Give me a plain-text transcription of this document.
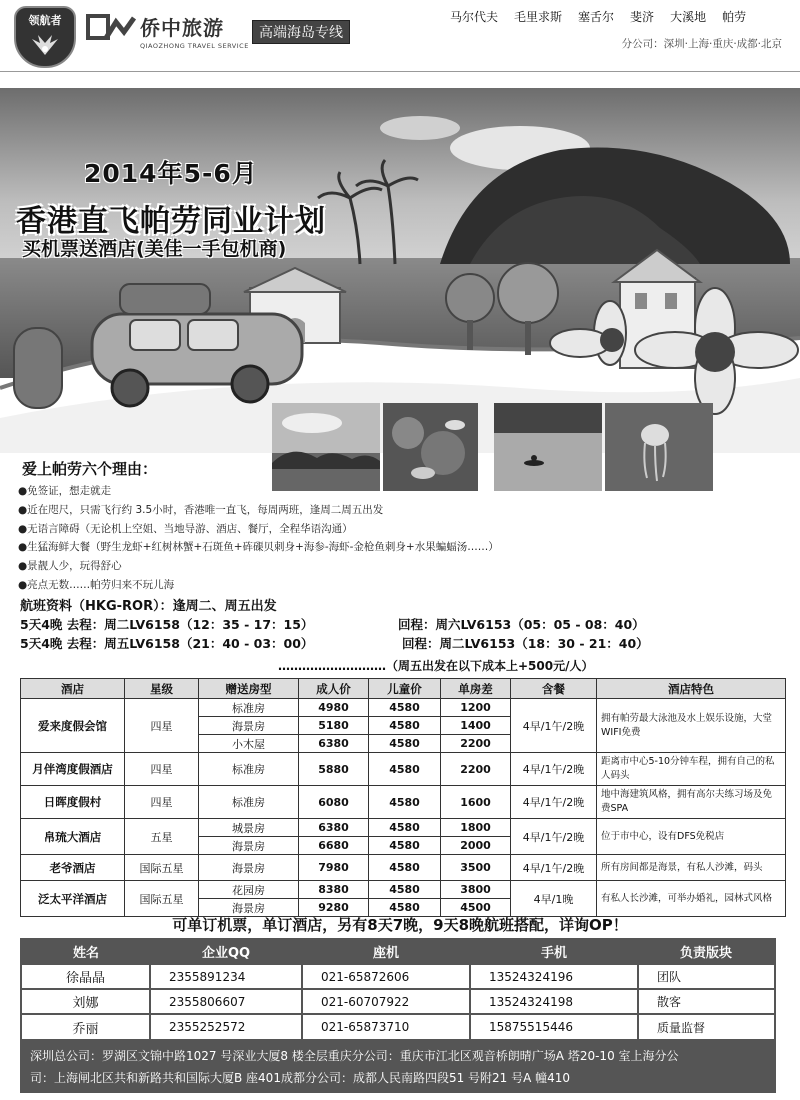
领航者	侨中旅游
QIAOZHONG TRAVEL SERVICE
高端海岛专线
马尔代夫 毛里求斯 塞舌尔 斐济 大溪地 帕劳
分公司：深圳·上海·重庆·成都·北京
2014年5-6月
香港直飞帕劳同业计划
买机票送酒店(美佳一手包机商)
爱上帕劳六个理由：
●免签证，想走就走
●近在咫尺，只需飞行约 3.5小时，香港唯一直飞，每周两班，逢周二周五出发
●无语言障碍（无论机上空姐、当地导游、酒店、餐厅，全程华语沟通）
●生猛海鲜大餐（野生龙虾+红树林蟹+石斑鱼+砗磲贝刺身+海参-海虾-金枪鱼刺身+水果蝙蝠汤……）
●景靓人少，玩得舒心
●亮点无数……帕劳归来不玩儿海
航班资料（HKG-ROR）：逢周二、周五出发
5天4晚 去程：周二LV6158（12：35 - 17：15）	回程：周六LV6153（05：05 - 08：40）
5天4晚 去程：周五LV6158（21：40 - 03：00）	回程：周二LV6153（18：30 - 21：40）
………………………（周五出发在以下成本上+500元/人）
酒店	星级	赠送房型	成人价	儿童价	单房差	含餐	酒店特色
爱来度假会馆	四星	标准房	4980	4580	1200	4早/1午/2晚	拥有帕劳最大泳池及水上娱乐设施，大堂WIFI免费
		海景房	5180	4580	1400		
		小木屋	6380	4580	2200		
月伴湾度假酒店	四星	标准房	5880	4580	2200	4早/1午/2晚	距离市中心5-10分钟车程，拥有自己的私人码头
日晖度假村	四星	标准房	6080	4580	1600	4早/1午/2晚	地中海建筑风格，拥有高尔夫练习场及免费SPA
帛琉大酒店	五星	城景房	6380	4580	1800	4早/1午/2晚	位于市中心，设有DFS免税店
		海景房	6680	4580	2000		
老爷酒店	国际五星	海景房	7980	4580	3500	4早/1午/2晚	所有房间都是海景，有私人沙滩，码头
泛太平洋酒店	国际五星	花园房	8380	4580	3800	4早/1晚	有私人长沙滩，可举办婚礼，园林式风格
		海景房	9280	4580	4500		
可单订机票，单订酒店，另有8天7晚，9天8晚航班搭配，详询OP！
姓名	企业QQ	座机	手机	负责版块
徐晶晶	2355891234	021-65872606	13524324196	团队
刘娜	2355806607	021-60707922	13524324198	散客
乔丽	2355252572	021-65873710	15875515446	质量监督
深圳总公司：罗湖区文锦中路1027 号深业大厦8 楼全层重庆分公司：重庆市江北区观音桥朗晴广场A 塔20-10 室上海分公
司：上海闸北区共和新路共和国际大厦B 座401成都分公司：成都人民南路四段51 号附21 号A 幢410
